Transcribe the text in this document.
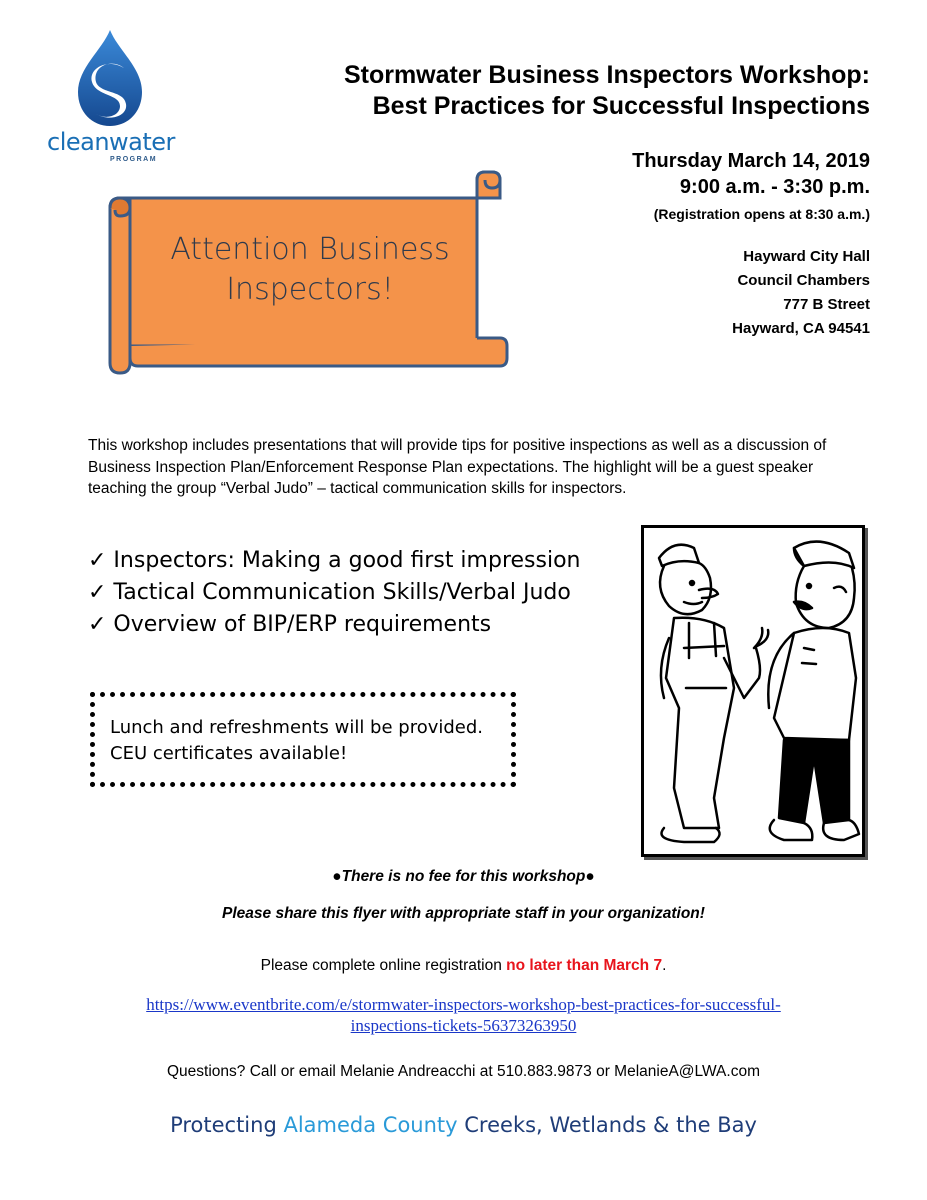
cleanwater
PROGRAM
Stormwater Business Inspectors Workshop:
Best Practices for Successful Inspections
Thursday March 14, 2019
9:00 a.m. - 3:30 p.m.
(Registration opens at 8:30 a.m.)
Hayward City Hall
Council Chambers
777 B Street
Hayward, CA 94541
Attention Business
Inspectors!
This workshop includes presentations that will provide tips for positive inspections as well as a discussion of Business Inspection Plan/Enforcement Response Plan expectations. The highlight will be a guest speaker teaching the group “Verbal Judo” – tactical communication skills for inspectors.
✓ Inspectors: Making a good first impression
✓ Tactical Communication Skills/Verbal Judo
✓ Overview of BIP/ERP requirements
Lunch and refreshments will be provided.
CEU certificates available!
●There is no fee for this workshop●
Please share this flyer with appropriate staff in your organization!
Please complete online registration no later than March 7.
https://www.eventbrite.com/e/stormwater-inspectors-workshop-best-practices-for-successful-
inspections-tickets-56373263950
Questions? Call or email Melanie Andreacchi at 510.883.9873 or MelanieA@LWA.com
Protecting Alameda County Creeks, Wetlands & the Bay
